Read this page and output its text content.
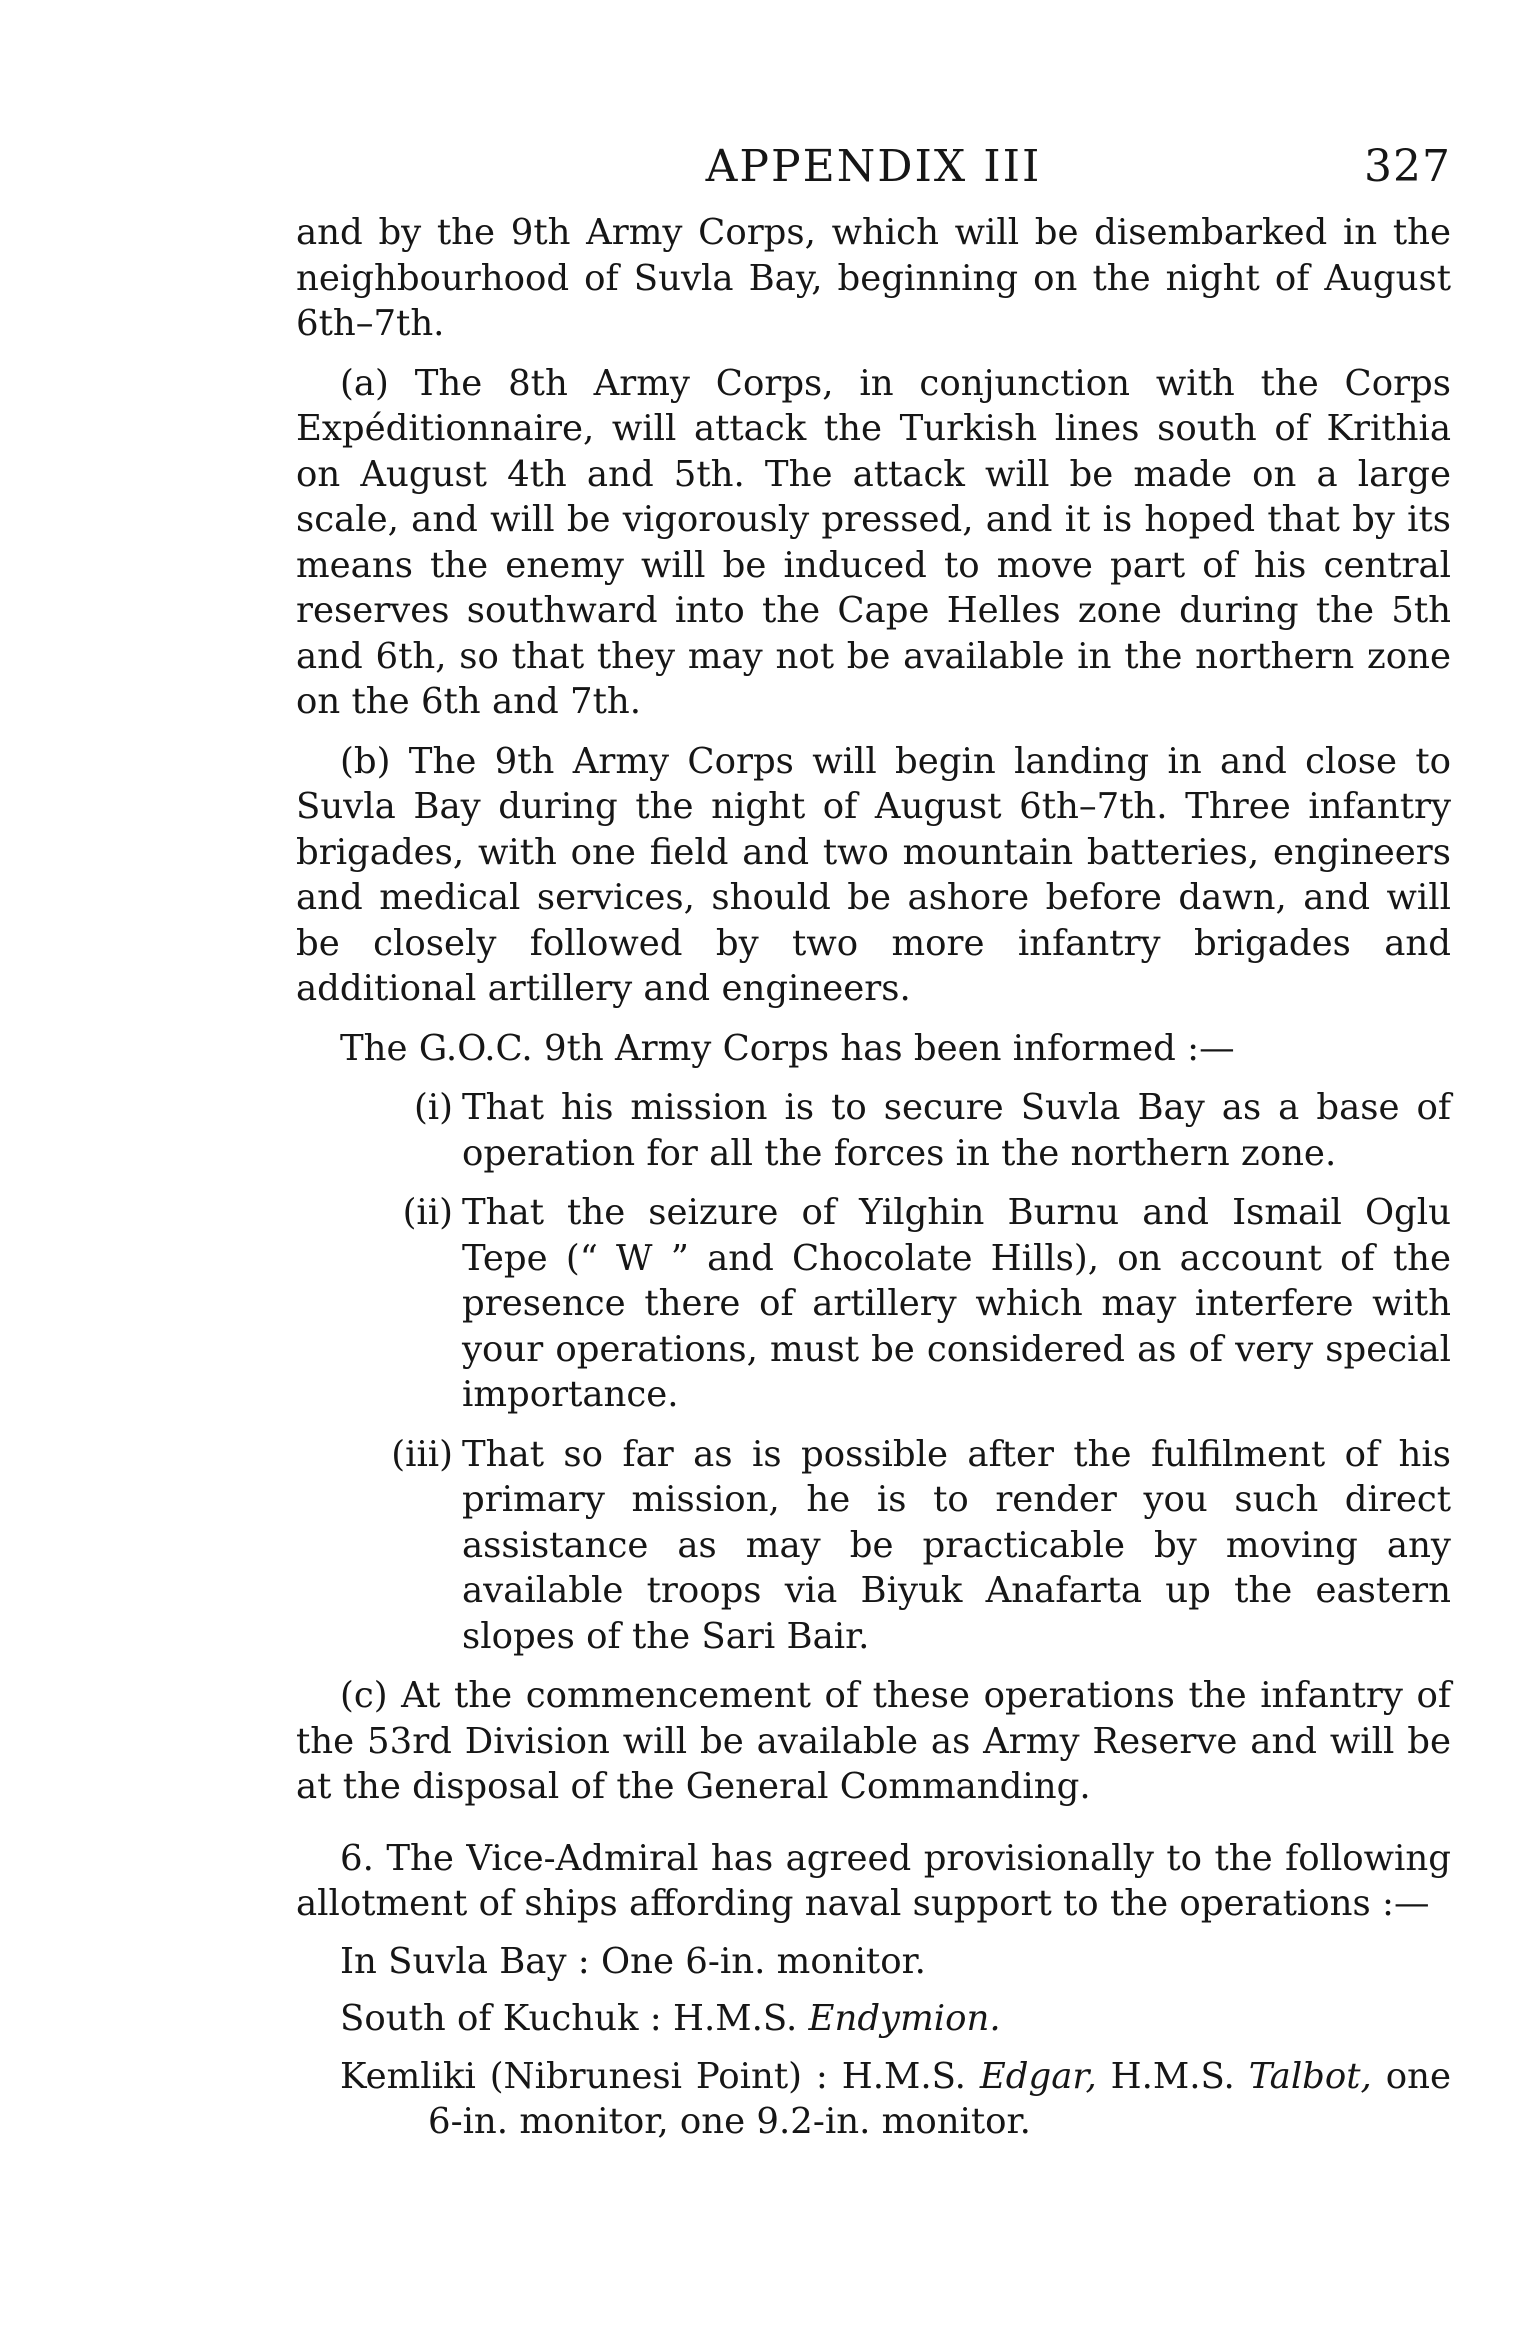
APPENDIX III	327

and by the 9th Army Corps, which will be disembarked in the neighbourhood of Suvla Bay, beginning on the night of August 6th–7th.

(a) The 8th Army Corps, in conjunction with the Corps Expéditionnaire, will attack the Turkish lines south of Krithia on August 4th and 5th. The attack will be made on a large scale, and will be vigorously pressed, and it is hoped that by its means the enemy will be induced to move part of his central reserves southward into the Cape Helles zone during the 5th and 6th, so that they may not be available in the northern zone on the 6th and 7th.

(b) The 9th Army Corps will begin landing in and close to Suvla Bay during the night of August 6th–7th. Three infantry brigades, with one field and two mountain batteries, engineers and medical services, should be ashore before dawn, and will be closely followed by two more infantry brigades and additional artillery and engineers.

The G.O.C. 9th Army Corps has been informed :—

(i) That his mission is to secure Suvla Bay as a base of operation for all the forces in the northern zone.

(ii) That the seizure of Yilghin Burnu and Ismail Oglu Tepe (“ W ” and Chocolate Hills), on account of the presence there of artillery which may interfere with your operations, must be considered as of very special importance.

(iii) That so far as is possible after the fulfilment of his primary mission, he is to render you such direct assistance as may be practicable by moving any available troops via Biyuk Anafarta up the eastern slopes of the Sari Bair.

(c) At the commencement of these operations the infantry of the 53rd Division will be available as Army Reserve and will be at the disposal of the General Commanding.

6. The Vice-Admiral has agreed provisionally to the following allotment of ships affording naval support to the operations :—

In Suvla Bay : One 6-in. monitor.

South of Kuchuk : H.M.S. Endymion.

Kemliki (Nibrunesi Point) : H.M.S. Edgar, H.M.S. Talbot, one 6-in. monitor, one 9.2-in. monitor.
